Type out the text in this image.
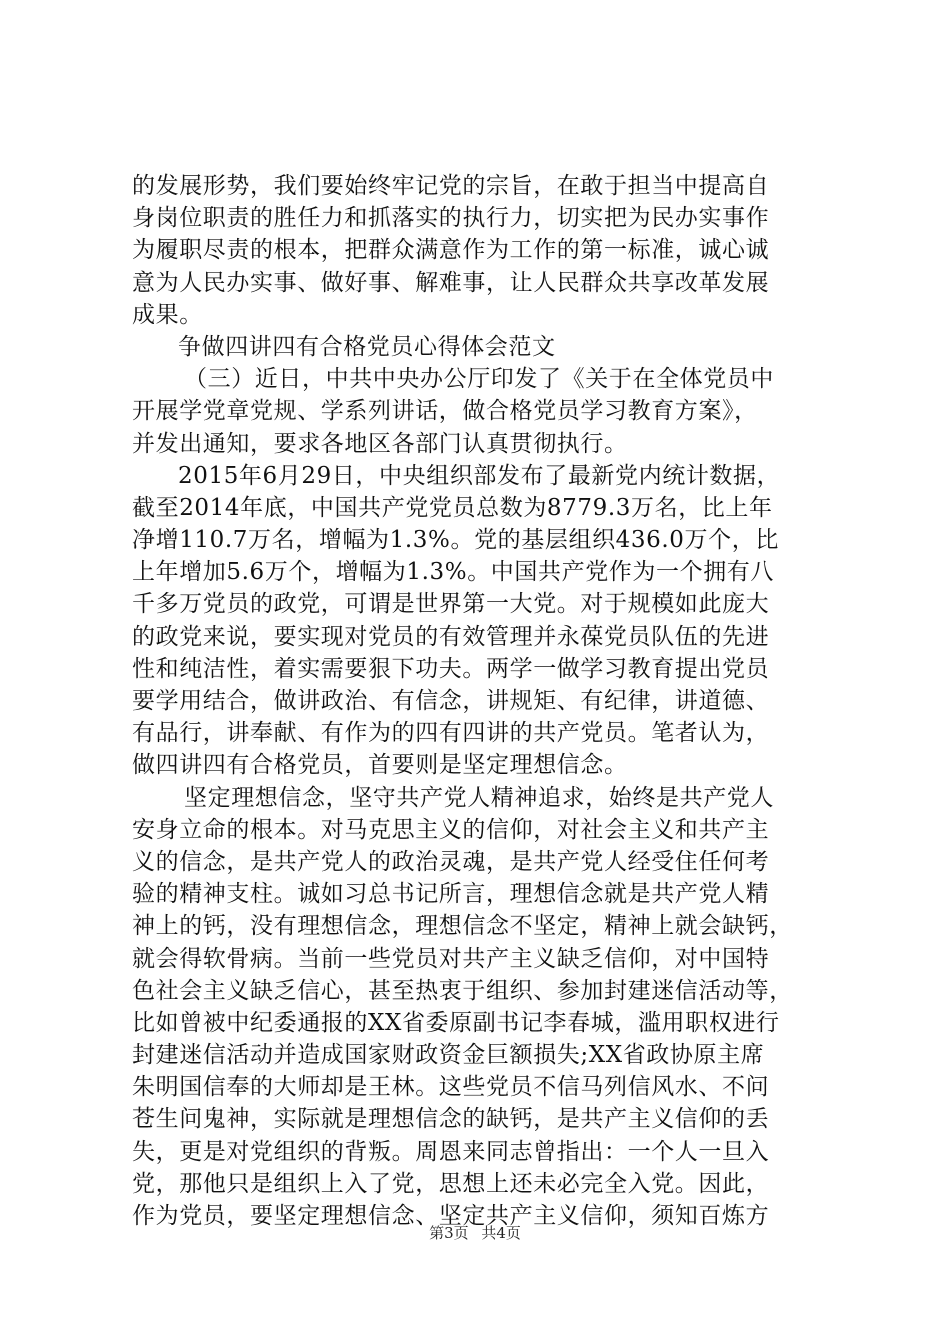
的发展形势，我们要始终牢记党的宗旨，在敢于担当中提高自
身岗位职责的胜任力和抓落实的执行力，切实把为民办实事作
为履职尽责的根本，把群众满意作为工作的第一标准，诚心诚
意为人民办实事、做好事、解难事，让人民群众共享改革发展
成果。
争做四讲四有合格党员心得体会范文
（三）近日，中共中央办公厅印发了《关于在全体党员中
开展学党章党规、学系列讲话，做合格党员学习教育方案》，
并发出通知，要求各地区各部门认真贯彻执行。
2015年6月29日，中央组织部发布了最新党内统计数据，
截至2014年底，中国共产党党员总数为8779.3万名，比上年
净增110.7万名，增幅为1.3%。党的基层组织436.0万个，比
上年增加5.6万个，增幅为1.3%。中国共产党作为一个拥有八
千多万党员的政党，可谓是世界第一大党。对于规模如此庞大
的政党来说，要实现对党员的有效管理并永葆党员队伍的先进
性和纯洁性，着实需要狠下功夫。两学一做学习教育提出党员
要学用结合，做讲政治、有信念，讲规矩、有纪律，讲道德、
有品行，讲奉献、有作为的四有四讲的共产党员。笔者认为，
做四讲四有合格党员，首要则是坚定理想信念。
坚定理想信念，坚守共产党人精神追求，始终是共产党人
安身立命的根本。对马克思主义的信仰，对社会主义和共产主
义的信念，是共产党人的政治灵魂，是共产党人经受住任何考
验的精神支柱。诚如习总书记所言，理想信念就是共产党人精
神上的钙，没有理想信念，理想信念不坚定，精神上就会缺钙，
就会得软骨病。当前一些党员对共产主义缺乏信仰，对中国特
色社会主义缺乏信心，甚至热衷于组织、参加封建迷信活动等，
比如曾被中纪委通报的XX省委原副书记李春城，滥用职权进行
封建迷信活动并造成国家财政资金巨额损失;XX省政协原主席
朱明国信奉的大师却是王林。这些党员不信马列信风水、不问
苍生问鬼神，实际就是理想信念的缺钙，是共产主义信仰的丢
失，更是对党组织的背叛。周恩来同志曾指出：一个人一旦入
党，那他只是组织上入了党，思想上还未必完全入党。因此，
作为党员，要坚定理想信念、坚定共产主义信仰，须知百炼方
第3页 共4页
